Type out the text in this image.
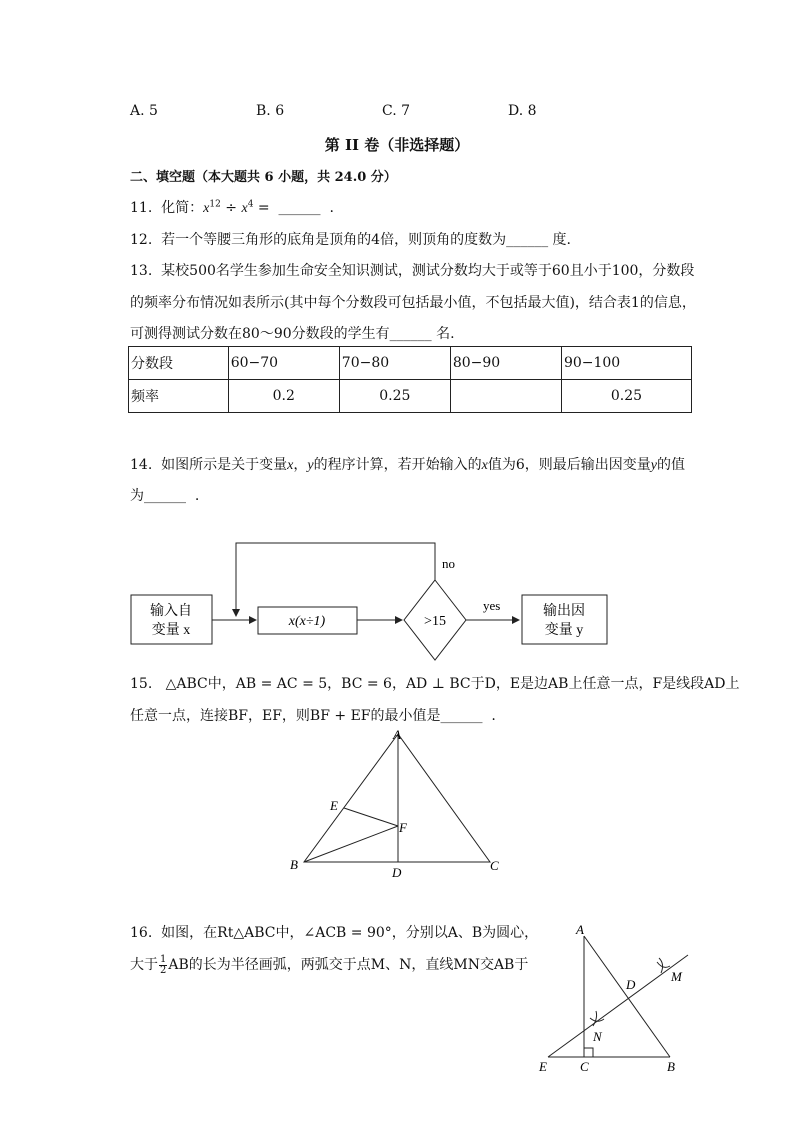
A. 5	B. 6	C. 7	D. 8
第 II 卷（非选择题）
二、填空题（本大题共 6 小题，共 24.0 分）
11. 化简：$x^{12} \div x^4$ =  ______ .
12. 若一个等腰三角形的底角是顶角的4倍，则顶角的度数为______ 度.
13. 某校500名学生参加生命安全知识测试，测试分数均大于或等于60且小于100，分数段
的频率分布情况如表所示(其中每个分数段可包括最小值，不包括最大值)，结合表1的信息，
可测得测试分数在80～90分数段的学生有______ 名.
分数段	60−70	70−80	80−90	90−100
频率	0.2	0.25		0.25
14. 如图所示是关于变量x，y的程序计算，若开始输入的x值为6，则最后输出因变量y的值
为______ .
输入自
变量 x
x(x÷1)	>15
no
yes	输出因
变量 y
15. △ABC中，AB = AC = 5，BC = 6，AD ⊥ BC于D，E是边AB上任意一点，F是线段AD上
任意一点，连接BF，EF，则BF + EF的最小值是______ .
A
B	C
D
E
F
16. 如图，在Rt△ABC中，∠ACB = 90°，分别以A、B为圆心，
大于 $\frac{1}{2}$ AB的长为半径画弧，两弧交于点M、N，直线MN交AB于
A
B
C
D
E
M
N
